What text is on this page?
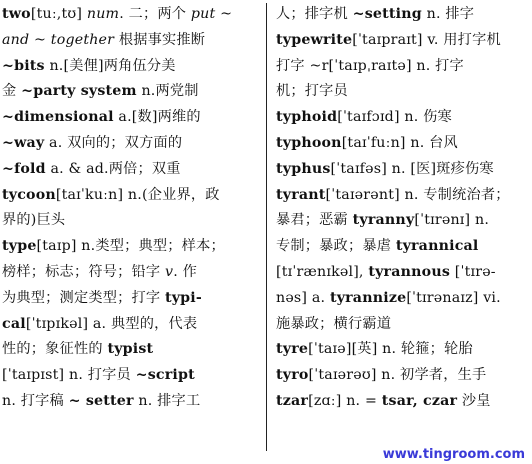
two[tuː,tʊ] num. 二；两个 put ~
and ~ together 根据事实推断
~bits n.[美俚]两角伍分美
金 ~party system n.两党制
~dimensional a.[数]两维的
~way a. 双向的；双方面的
~fold a. & ad.两倍；双重
tycoon[taɪˈkuːn] n.(企业界，政
界的)巨头
type[taɪp] n.类型；典型；样本；
榜样；标志；符号；铅字 v. 作
为典型；测定类型；打字 typi-
cal[ˈtɪpɪkəl] a. 典型的，代表
性的；象征性的 typist
[ˈtaɪpɪst] n. 打字员 ~script
n. 打字稿 ~ setter n. 排字工
人；排字机 ~setting n. 排字
typewrite[ˈtaɪpraɪt] v. 用打字机
打字 ~r[ˈtaɪpˌraɪtə] n. 打字
机；打字员
typhoid[ˈtaɪfɔɪd] n. 伤寒
typhoon[taɪˈfuːn] n. 台风
typhus[ˈtaɪfəs] n. [医]斑疹伤寒
tyrant[ˈtaɪərənt] n. 专制统治者；
暴君；恶霸 tyranny[ˈtɪrənɪ] n.
专制；暴政；暴虐 tyrannical
[tɪˈrænɪkəl], tyrannous [ˈtɪrə-
nəs] a. tyrannize[ˈtɪrənaɪz] vi.
施暴政；横行霸道
tyre[ˈtaɪə][英] n. 轮箍；轮胎
tyro[ˈtaɪərəʊ] n. 初学者，生手
tzar[zɑː] n. = tsar, czar 沙皇
www.tingroom.com
